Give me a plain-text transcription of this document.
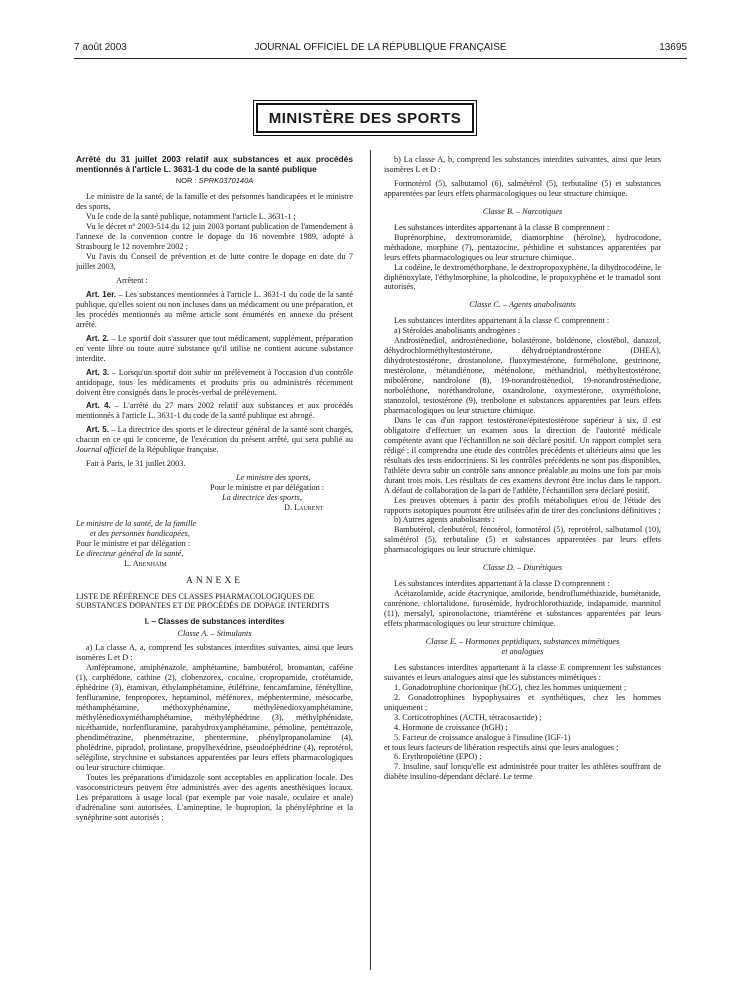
7 août 2003	JOURNAL OFFICIEL DE LA RÉPUBLIQUE FRANÇAISE	13695
MINISTÈRE DES SPORTS

Arrêté du 31 juillet 2003 relatif aux substances et aux procédés mentionnés à l'article L. 3631-1 du code de la santé publique

NOR : SPRK0370140A

Le ministre de la santé, de la famille et des personnes handicapées et le ministre des sports,

Vu le code de la santé publique, notamment l'article L. 3631-1 ;

Vu le décret nº 2003-514 du 12 juin 2003 portant publication de l'amendement à l'annexe de la convention contre le dopage du 16 novembre 1989, adopté à Strasbourg le 12 novembre 2002 ;

Vu l'avis du Conseil de prévention et de lutte contre le dopage en date du 7 juillet 2003,

Arrêtent :

Art. 1er. – Les substances mentionnées à l'article L. 3631-1 du code de la santé publique, qu'elles soient ou non incluses dans un médicament ou une préparation, et les procédés mentionnés au même article sont énumérés en annexe du présent arrêté.

Art. 2. – Le sportif doit s'assurer que tout médicament, supplément, préparation en vente libre ou toute autre substance qu'il utilise ne contient aucune substance interdite.

Art. 3. – Lorsqu'un sportif doit subir un prélèvement à l'occasion d'un contrôle antidopage, tous les médicaments et produits pris ou administrés récemment doivent être consignés dans le procès-verbal de prélèvement.

Art. 4. – L'arrêté du 27 mars 2002 relatif aux substances et aux procédés mentionnés à l'article L. 3631-1 du code de la santé publique est abrogé.

Art. 5. – La directrice des sports et le directeur général de la santé sont chargés, chacun en ce qui le concerne, de l'exécution du présent arrêté, qui sera publié au Journal officiel de la République française.

Fait à Paris, le 31 juillet 2003.

Le ministre des sports,

Pour le ministre et par délégation :

La directrice des sports,

D. Laurent

Le ministre de la santé, de la famille

et des personnes handicapées,

Pour le ministre et par délégation :

Le directeur général de la santé,

L. Abenhaïm

ANNEXE

LISTE DE RÉFÉRENCE DES CLASSES PHARMACOLOGIQUES DE SUBSTANCES DOPANTES ET DE PROCÉDÉS DE DOPAGE INTERDITS

I. – Classes de substances interdites

Classe A. – Stimulants

a) La classe A, a, comprend les substances interdites suivantes, ainsi que leurs isomères L et D :

Amfépramone, amiphénazole, amphétamine, bambutérol, bromantan, caféine (1), carphédone, cathine (2), clobenzorex, cocaïne, cropropamide, crotétamide, éphédrine (3), étamivan, éthylamphétamine, étiléfrine, fencamfamine, fénétylline, fenfluramine, fenproporex, heptaminol, méfénorex, méphentermine, mésocarbe, méthamphétamine, méthoxyphénamine, méthylènedioxyamphétamine, méthylènedioxyméthamphétamine, méthyléphédrine (3), méthylphénidate, nicéthamide, norfenfluramine, parahydroxyamphétamine, pémoline, pentétrazole, phendimétrazine, phenmétrazine, phentermine, phénylpropanolamine (4), pholédrine, pipradol, prolintane, propylhexédrine, pseudoéphédrine (4), reprotérol, sélégiline, strychnine et substances apparentées par leurs effets pharmacologiques ou leur structure chimique.

Toutes les préparations d'imidazole sont acceptables en application locale. Des vasoconstricteurs peuvent être administrés avec des agents anesthésiques locaux. Les préparations à usage local (par exemple par voie nasale, oculaire et anale) d'adrénaline sont autorisées. L'amineptine, le bupropion, la phényléphrine et la synéphrine sont autorisés ;

b) La classe A, b, comprend les substances interdites suivantes, ainsi que leurs isomères L et D :

Formotérol (5), salbutamol (6), salmétérol (5), terbutaline (5) et substances apparentées par leurs effets pharmacologiques ou leur structure chimique.

Classe B. – Narcotiques

Les substances interdites appartenant à la classe B comprennent :

Buprénorphine, dextromoramide, diamorphine (héroïne), hydrocodone, méthadone, morphine (7), pentazocine, péthidine et substances apparentées par leurs effets pharmacologiques ou leur structure chimique.

La codéine, le dextrométhorphane, le dextropropoxyphène, la dihydrocodéine, le diphénoxylate, l'éthylmorphine, la pholcodine, le propoxyphène et le tramadol sont autorisés.

Classe C. – Agents anabolisants

Les substances interdites appartenant à la classe C comprennent :

a) Stéroïdes anabolisants androgènes :

Androstènediol, androstènedione, bolastérone, boldénone, clostébol, danazol, déhydrochlorméthyltestostérone, déhydroépiandrostérone (DHEA), dihydrotestostérone, drostanolone, fluoxymestérone, formébolone, gestrinone, mestérolone, métandiénone, méténolone, méthandriol, méthyltestostérone, mibolérone, nandrolone (8), 19-norandrostènediol, 19-norandrostènedione, norboléthone, noréthandrolone, oxandrolone, oxymestérone, oxymétholone, stanozolol, testostérone (9), trenbolone et substances apparentées par leurs effets pharmacologiques ou leur structure chimique.

Dans le cas d'un rapport testostérone/épitestostérone supérieur à six, il est obligatoire d'effectuer un examen sous la direction de l'autorité médicale compétente avant que l'échantillon ne soit déclaré positif. Un rapport complet sera rédigé ; il comprendra une étude des contrôles précédents et ultérieurs ainsi que les résultats des tests endocriniens. Si les contrôles précédents ne sont pas disponibles, l'athlète devra subir un contrôle sans annonce préalable au moins une fois par mois durant trois mois. Les résultats de ces examens devront être inclus dans le rapport. À défaut de collaboration de la part de l'athlète, l'échantillon sera déclaré positif.

Les preuves obtenues à partir des profils métaboliques et/ou de l'étude des rapports isotopiques pourront être utilisées afin de tirer des conclusions définitives ;

b) Autres agents anabolisants :

Bambutérol, clenbutérol, fénotérol, formotérol (5), reprotérol, salbutamol (10), salmétérol (5), terbutaline (5) et substances apparentées par leurs effets pharmacologiques ou leur structure chimique.

Classe D. – Diurétiques

Les substances interdites appartenant à la classe D comprennent :

Acétazolamide, acide étacrynique, amiloride, bendrofluméthiazide, bumétanide, canrénone, chlortalidone, furosémide, hydrochlorothiazide, indapamide, mannitol (11), mersalyl, spironolactone, triamtérène et substances apparentées par leurs effets pharmacologiques ou leur structure chimique.

Classe E. – Hormones peptidiques, substances mimétiques

et analogues

Les substances interdites appartenant à la classe E comprennent les substances suivantes et leurs analogues ainsi que les substances mimétiques :

1. Gonadotrophine chorionique (hCG), chez les hommes uniquement ;

2. Gonadotrophines hypophysaires et synthétiques, chez les hommes uniquement ;

3. Corticotrophines (ACTH, tétracosactide) ;

4. Hormone de croissance (hGH) ;

5. Facteur de croissance analogue à l'insuline (IGF-1)

et tous leurs facteurs de libération respectifs ainsi que leurs analogues ;

6. Erythropoïétine (EPO) ;

7. Insuline, sauf lorsqu'elle est administrée pour traiter les athlètes souffrant de diabète insulino-dépendant déclaré. Le terme
